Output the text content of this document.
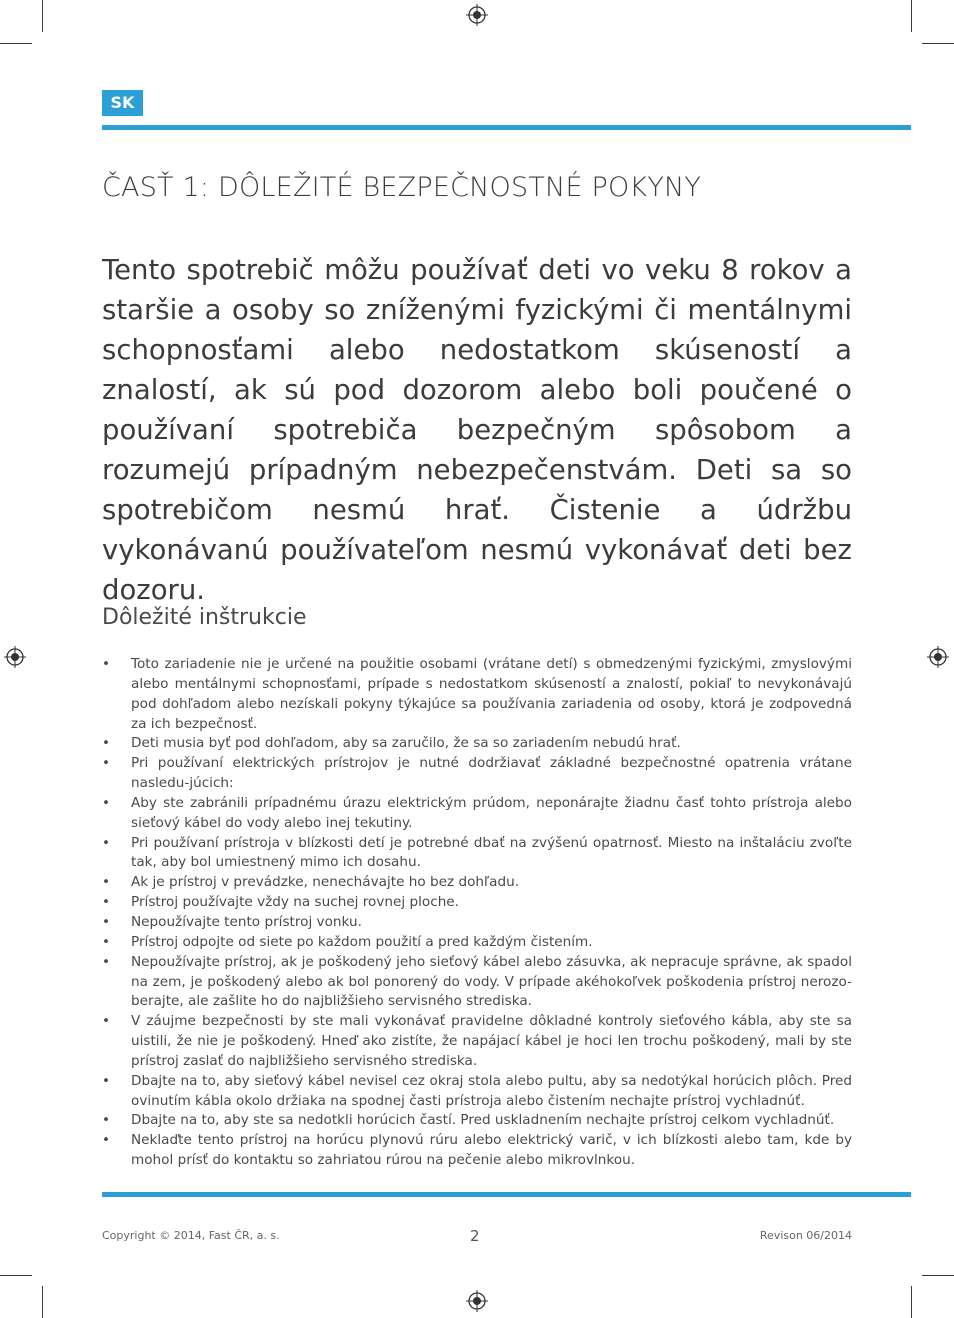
SK
ČASŤ 1: DÔLEŽITÉ BEZPEČNOSTNÉ POKYNY

Tento spotrebič môžu používať deti vo veku 8 rokov a staršie a osoby so zníženými fyzickými či mentálnymi schopnosťami alebo nedostatkom skúseností a znalostí, ak sú pod dozorom alebo boli poučené o používaní spotrebiča bezpečným spôsobom a rozumejú prípadným nebezpečenstvám. Deti sa so spotrebičom nesmú hrať. Čistenie a údržbu vykonávanú používateľom nesmú vykonávať deti bez dozoru.

Dôležité inštrukcie
• Toto zariadenie nie je určené na použitie osobami (vrátane detí) s obmedzenými fyzickými, zmyslovými alebo mentálnymi schopnosťami, prípade s nedostatkom skúseností a znalostí, pokiaľ to nevykonávajú pod dohľadom alebo nezískali pokyny týkajúce sa používania zariadenia od osoby, ktorá je zodpovedná za ich bezpečnosť.
• Deti musia byť pod dohľadom, aby sa zaručilo, že sa so zariadením nebudú hrať.
• Pri používaní elektrických prístrojov je nutné dodržiavať základné bezpečnostné opatrenia vrátane nasledu-júcich:
• Aby ste zabránili prípadnému úrazu elektrickým prúdom, neponárajte žiadnu časť tohto prístroja alebo sieťový kábel do vody alebo inej tekutiny.
• Pri používaní prístroja v blízkosti detí je potrebné dbať na zvýšenú opatrnosť. Miesto na inštaláciu zvoľte tak, aby bol umiestnený mimo ich dosahu.
• Ak je prístroj v prevádzke, nenechávajte ho bez dohľadu.
• Prístroj používajte vždy na suchej rovnej ploche.
• Nepoužívajte tento prístroj vonku.
• Prístroj odpojte od siete po každom použití a pred každým čistením.
• Nepoužívajte prístroj, ak je poškodený jeho sieťový kábel alebo zásuvka, ak nepracuje správne, ak spadol na zem, je poškodený alebo ak bol ponorený do vody. V prípade akéhokoľvek poškodenia prístroj nerozo-berajte, ale zašlite ho do najbližšieho servisného strediska.
• V záujme bezpečnosti by ste mali vykonávať pravidelne dôkladné kontroly sieťového kábla, aby ste sa uistili, že nie je poškodený. Hneď ako zistíte, že napájací kábel je hoci len trochu poškodený, mali by ste prístroj zaslať do najbližšieho servisného strediska.
• Dbajte na to, aby sieťový kábel nevisel cez okraj stola alebo pultu, aby sa nedotýkal horúcich plôch. Pred ovinutím kábla okolo držiaka na spodnej časti prístroja alebo čistením nechajte prístroj vychladnúť.
• Dbajte na to, aby ste sa nedotkli horúcich častí. Pred uskladnením nechajte prístroj celkom vychladnúť.
• Neklaďte tento prístroj na horúcu plynovú rúru alebo elektrický varič, v ich blízkosti alebo tam, kde by mohol prísť do kontaktu so zahriatou rúrou na pečenie alebo mikrovlnkou.
Copyright © 2014, Fast ČR, a. s.	2	Revison 06/2014
